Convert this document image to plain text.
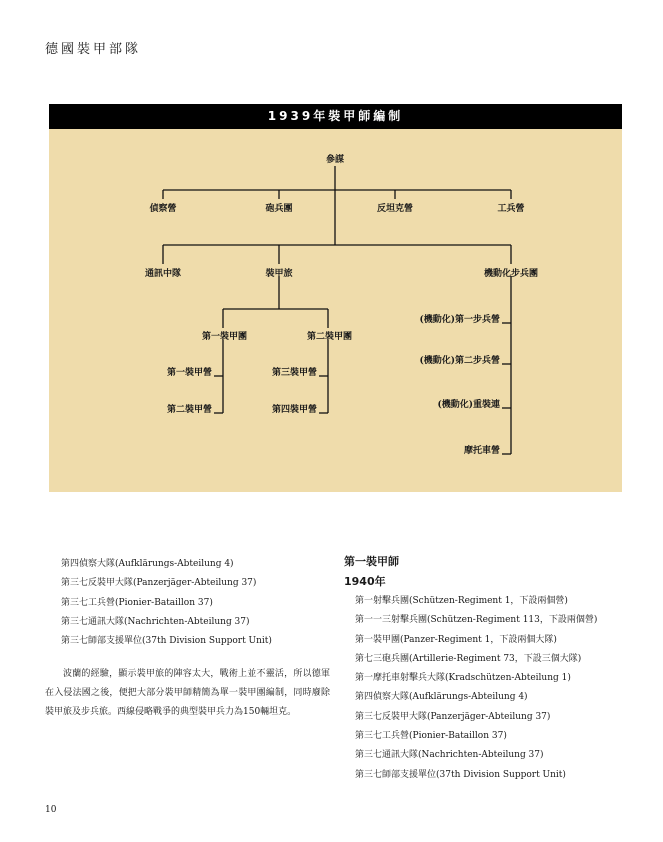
德國裝甲部隊
1939年裝甲師編制
參謀
偵察營	砲兵團	反坦克營	工兵營
通訊中隊	裝甲旅	機動化步兵團
第一裝甲團	第二裝甲團
第一裝甲營
第二裝甲營
第三裝甲營
第四裝甲營
(機動化)第一步兵營
(機動化)第二步兵營
(機動化)重裝連
摩托車營
第四偵察大隊(Aufklärungs-Abteilung 4)
第三七反裝甲大隊(Panzerjäger-Abteilung 37)
第三七工兵營(Pionier-Bataillon 37)
第三七通訊大隊(Nachrichten-Abteilung 37)
第三七師部支援單位(37th Division Support Unit)

波蘭的經驗，顯示裝甲旅的陣容太大，戰術上並不靈活，所以德軍在入侵法國之後，便把大部分裝甲師精簡為單一裝甲團編制，同時廢除裝甲旅及步兵旅。西線侵略戰爭的典型裝甲兵力為150輛坦克。

第一裝甲師
1940年
第一射擊兵團(Schützen-Regiment 1，下設兩個營)
第一一三射擊兵團(Schützen-Regiment 113，下設兩個營)
第一裝甲團(Panzer-Regiment 1，下設兩個大隊)
第七三砲兵團(Artillerie-Regiment 73，下設三個大隊)
第一摩托車射擊兵大隊(Kradschützen-Abteilung 1)
第四偵察大隊(Aufklärungs-Abteilung 4)
第三七反裝甲大隊(Panzerjäger-Abteilung 37)
第三七工兵營(Pionier-Bataillon 37)
第三七通訊大隊(Nachrichten-Abteilung 37)
第三七師部支援單位(37th Division Support Unit)
10
